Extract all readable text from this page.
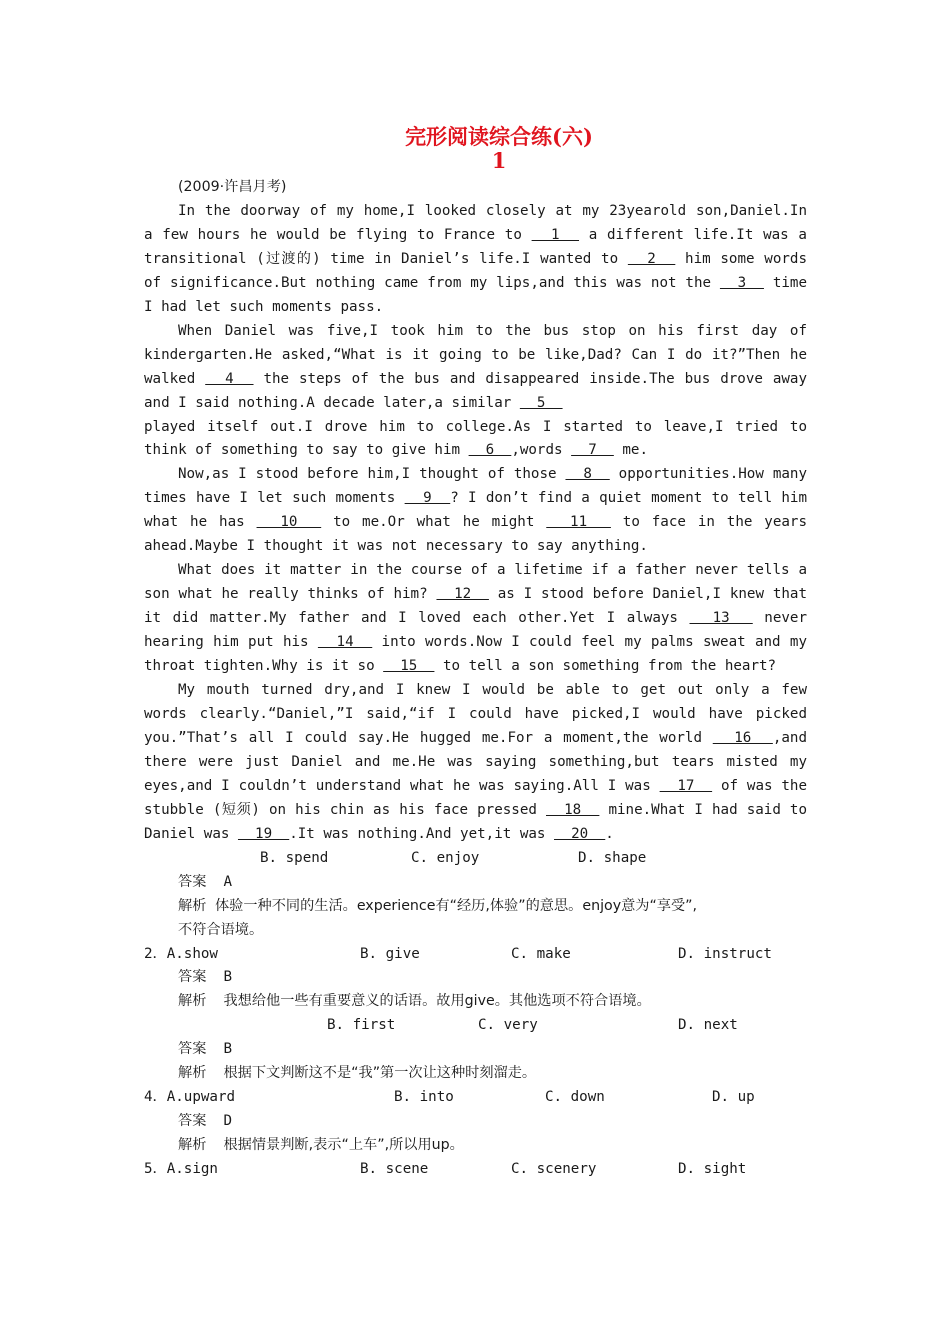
完形阅读综合练(六)
1

(2009·许昌月考)

In the doorway of my home,I looked closely at my 23yearold son,Daniel.In a few hours he would be flying to France to   1   a different life.It was a transitional (过渡的) time in Daniel’s life.I wanted to   2   him some words of significance.But nothing came from my lips,and this was not the   3   time I had let such moments pass.

When Daniel was five,I took him to the bus stop on his first day of kindergarten.He asked,“What is it going to be like,Dad? Can I do it?”Then he walked   4   the steps of the bus and disappeared inside.The bus drove away and I said nothing.A decade later,a similar   5
played itself out.I drove him to college.As I started to leave,I tried to think of something to say to give him   6  ,words   7   me.

Now,as I stood before him,I thought of those   8   opportunities.How many times have I let such moments   9  ? I don’t find a quiet moment to tell him what he has   10   to me.Or what he might   11   to face in the years ahead.Maybe I thought it was not necessary to say anything.

What does it matter in the course of a lifetime if a father never tells a son what he really thinks of him?   12   as I stood before Daniel,I knew that it did matter.My father and I loved each other.Yet I always   13   never hearing him put his   14   into words.Now I could feel my palms sweat and my throat tighten.Why is it so   15   to tell a son something from the heart?

My mouth turned dry,and I knew I would be able to get out only a few words clearly.“Daniel,”I said,“if I could have picked,I would have picked you.”That’s all I could say.He hugged me.For a moment,the world   16  ,and there were just Daniel and me.He was saying something,but tears misted my eyes,and I couldn’t understand what he was saying.All I was   17   of was the stubble (短须) on his chin as his face pressed   18   mine.What I had said to Daniel was   19  .It was nothing.And yet,it was   20  .

B. spend	C. enjoy	D. shape
答案 A
解析 体验一种不同的生活。experience有“经历,体验”的意思。enjoy意为“享受”,
不符合语境。
2．A.show	B. give	C. make	D. instruct
答案 B
解析 我想给他一些有重要意义的话语。故用give。其他选项不符合语境。
B. first	C. very	D. next
答案 B
解析 根据下文判断这不是“我”第一次让这种时刻溜走。
4．A.upward	B. into	C. down	D. up
答案 D
解析 根据情景判断,表示“上车”,所以用up。
5．A.sign	B. scene	C. scenery	D. sight
